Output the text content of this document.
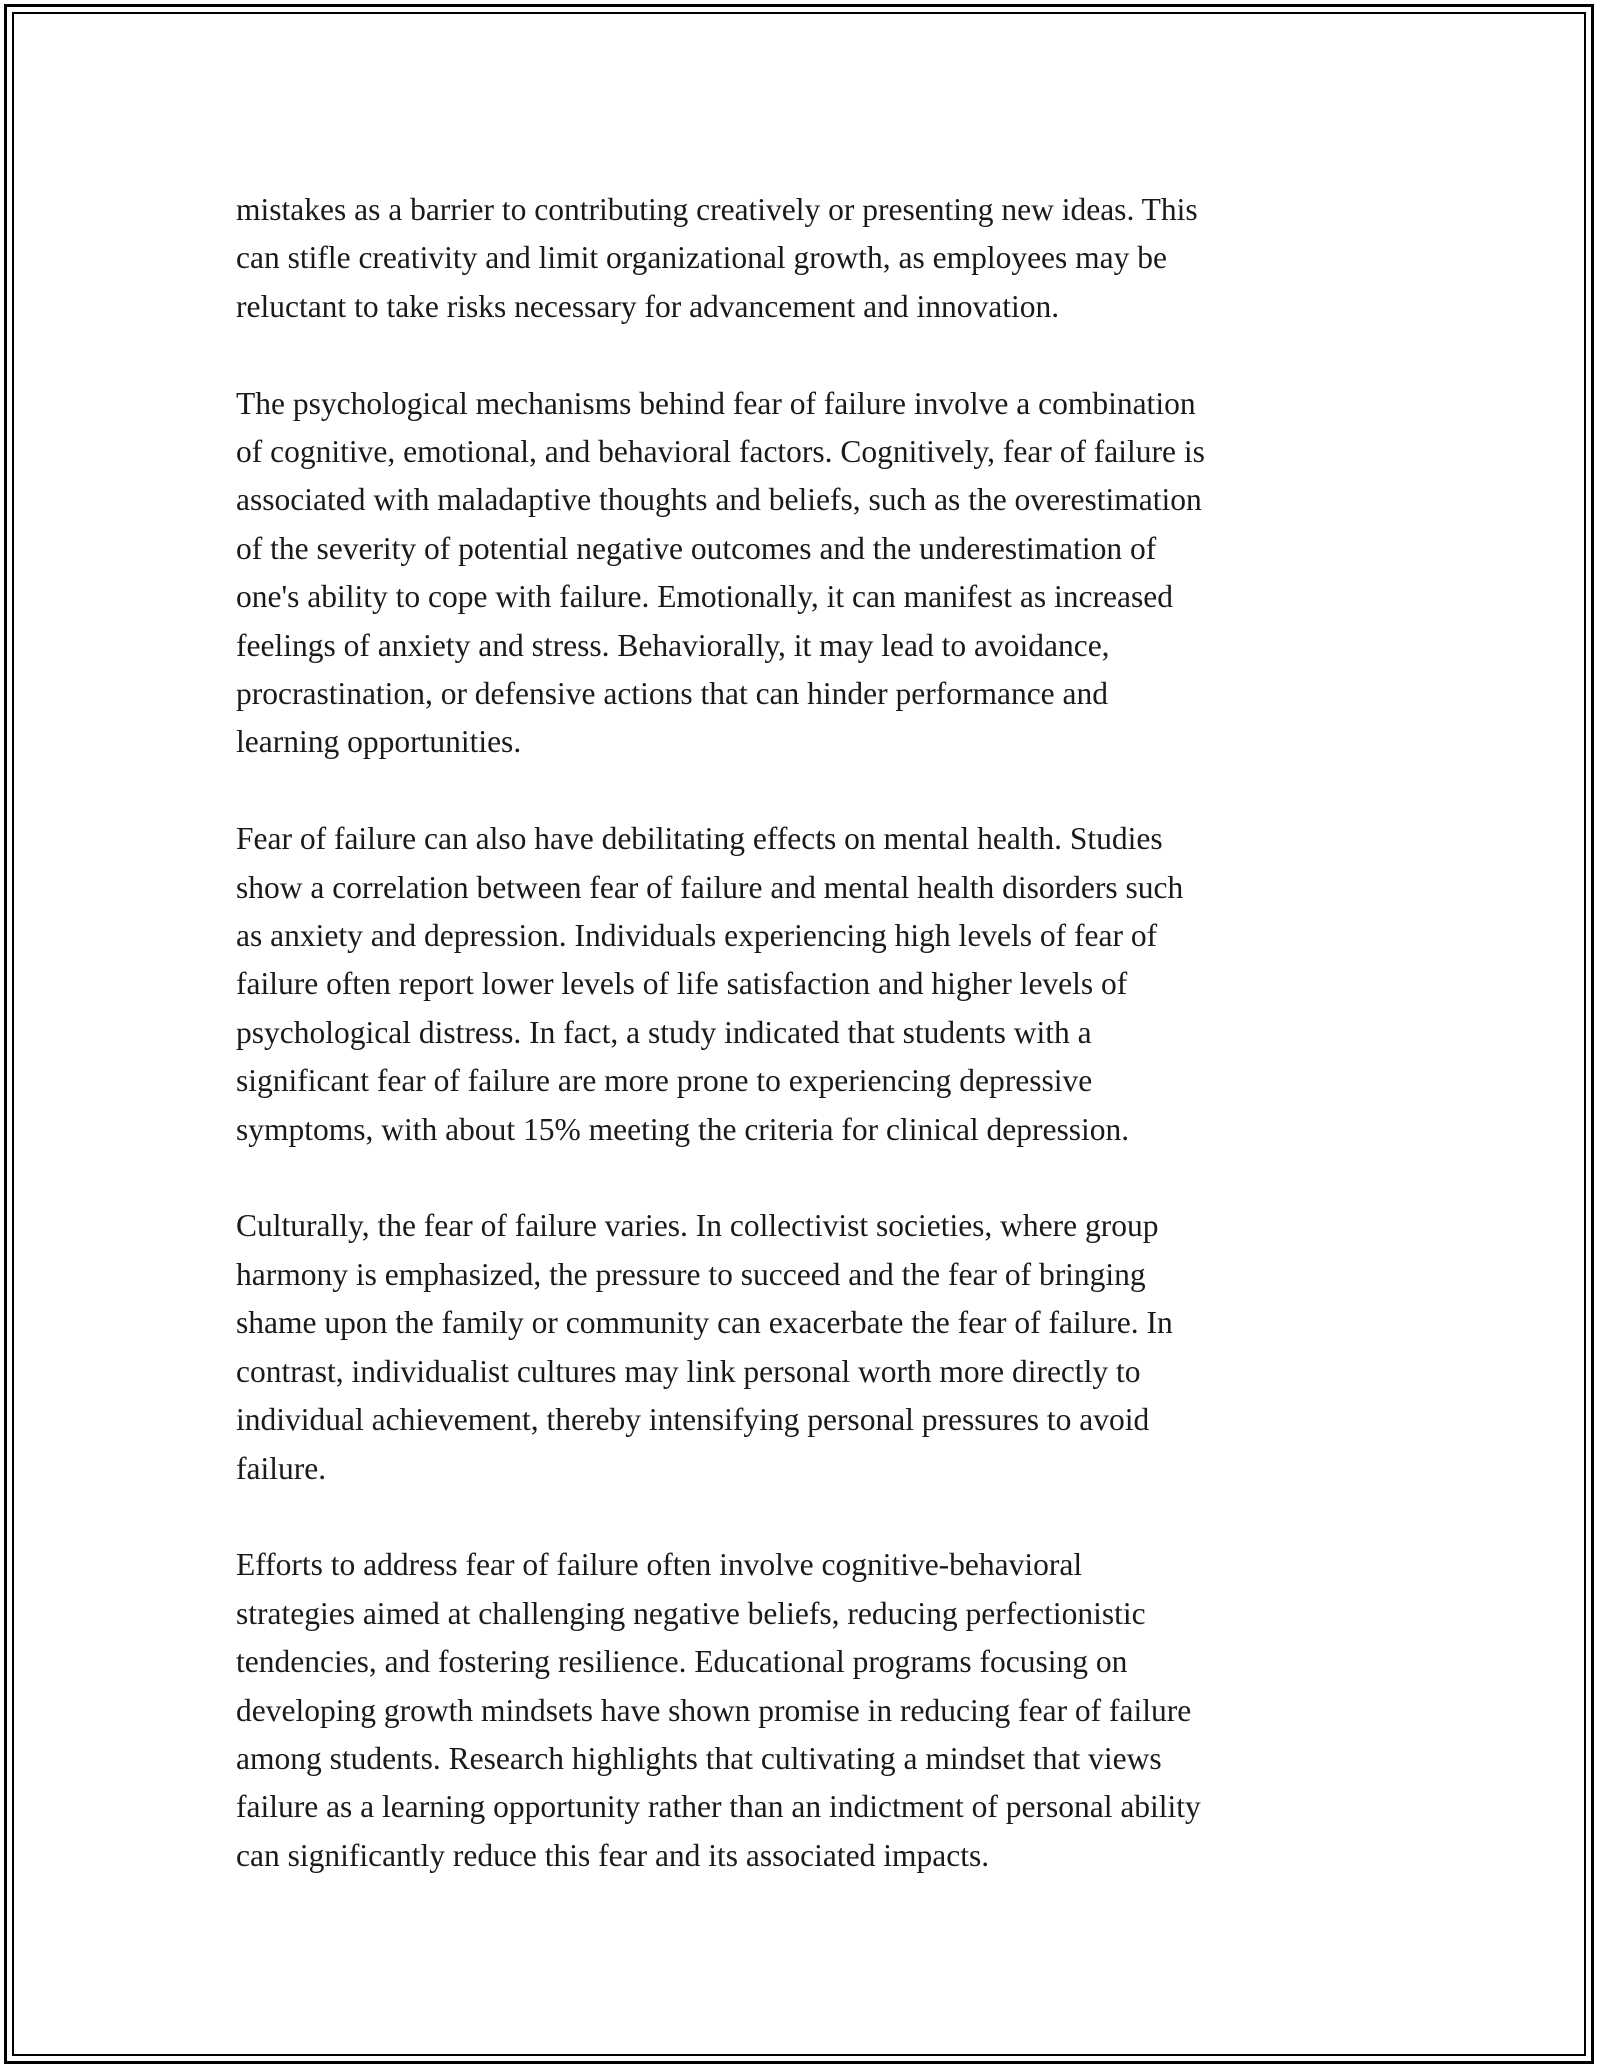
mistakes as a barrier to contributing creatively or presenting new ideas. This
can stifle creativity and limit organizational growth, as employees may be
reluctant to take risks necessary for advancement and innovation.

The psychological mechanisms behind fear of failure involve a combination
of cognitive, emotional, and behavioral factors. Cognitively, fear of failure is
associated with maladaptive thoughts and beliefs, such as the overestimation
of the severity of potential negative outcomes and the underestimation of
one's ability to cope with failure. Emotionally, it can manifest as increased
feelings of anxiety and stress. Behaviorally, it may lead to avoidance,
procrastination, or defensive actions that can hinder performance and
learning opportunities.

Fear of failure can also have debilitating effects on mental health. Studies
show a correlation between fear of failure and mental health disorders such
as anxiety and depression. Individuals experiencing high levels of fear of
failure often report lower levels of life satisfaction and higher levels of
psychological distress. In fact, a study indicated that students with a
significant fear of failure are more prone to experiencing depressive
symptoms, with about 15% meeting the criteria for clinical depression.

Culturally, the fear of failure varies. In collectivist societies, where group
harmony is emphasized, the pressure to succeed and the fear of bringing
shame upon the family or community can exacerbate the fear of failure. In
contrast, individualist cultures may link personal worth more directly to
individual achievement, thereby intensifying personal pressures to avoid
failure.

Efforts to address fear of failure often involve cognitive-behavioral
strategies aimed at challenging negative beliefs, reducing perfectionistic
tendencies, and fostering resilience. Educational programs focusing on
developing growth mindsets have shown promise in reducing fear of failure
among students. Research highlights that cultivating a mindset that views
failure as a learning opportunity rather than an indictment of personal ability
can significantly reduce this fear and its associated impacts.
